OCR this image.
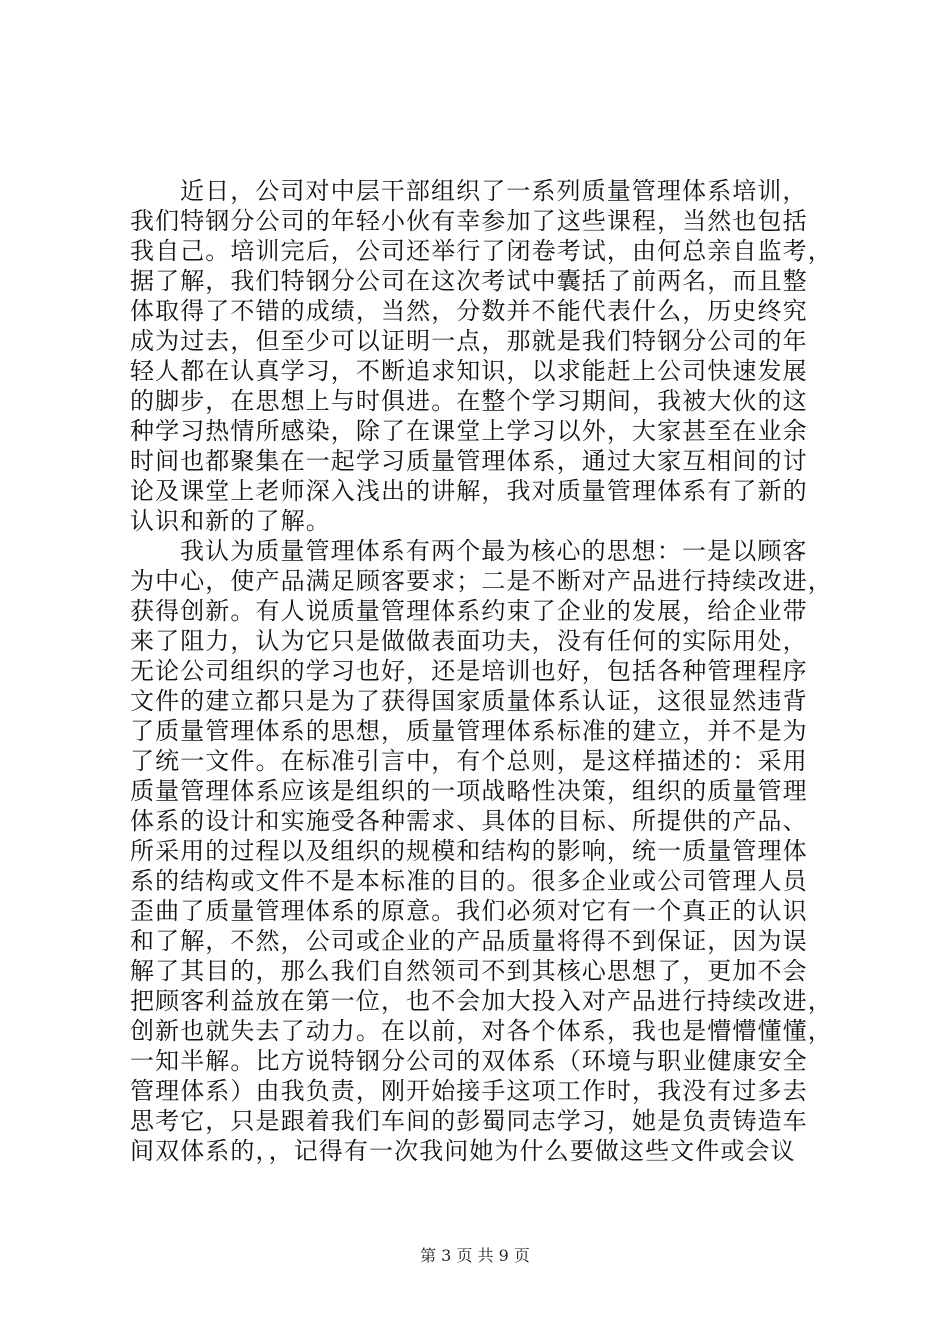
近日，公司对中层干部组织了一系列质量管理体系培训，
我们特钢分公司的年轻小伙有幸参加了这些课程，当然也包括
我自己。培训完后，公司还举行了闭卷考试，由何总亲自监考，
据了解，我们特钢分公司在这次考试中囊括了前两名，而且整
体取得了不错的成绩，当然，分数并不能代表什么，历史终究
成为过去，但至少可以证明一点，那就是我们特钢分公司的年
轻人都在认真学习，不断追求知识，以求能赶上公司快速发展
的脚步，在思想上与时俱进。在整个学习期间，我被大伙的这
种学习热情所感染，除了在课堂上学习以外，大家甚至在业余
时间也都聚集在一起学习质量管理体系，通过大家互相间的讨
论及课堂上老师深入浅出的讲解，我对质量管理体系有了新的
认识和新的了解。
我认为质量管理体系有两个最为核心的思想：一是以顾客
为中心，使产品满足顾客要求；二是不断对产品进行持续改进，
获得创新。有人说质量管理体系约束了企业的发展，给企业带
来了阻力，认为它只是做做表面功夫，没有任何的实际用处，
无论公司组织的学习也好，还是培训也好，包括各种管理程序
文件的建立都只是为了获得国家质量体系认证，这很显然违背
了质量管理体系的思想，质量管理体系标准的建立，并不是为
了统一文件。在标准引言中，有个总则，是这样描述的：采用
质量管理体系应该是组织的一项战略性决策，组织的质量管理
体系的设计和实施受各种需求、具体的目标、所提供的产品、
所采用的过程以及组织的规模和结构的影响，统一质量管理体
系的结构或文件不是本标准的目的。很多企业或公司管理人员
歪曲了质量管理体系的原意。我们必须对它有一个真正的认识
和了解，不然，公司或企业的产品质量将得不到保证，因为误
解了其目的，那么我们自然领司不到其核心思想了，更加不会
把顾客利益放在第一位，也不会加大投入对产品进行持续改进，
创新也就失去了动力。在以前，对各个体系，我也是懵懵懂懂，
一知半解。比方说特钢分公司的双体系（环境与职业健康安全
管理体系）由我负责，刚开始接手这项工作时，我没有过多去
思考它，只是跟着我们车间的彭蜀同志学习，她是负责铸造车
间双体系的，，记得有一次我问她为什么要做这些文件或会议
第 3 页 共 9 页
